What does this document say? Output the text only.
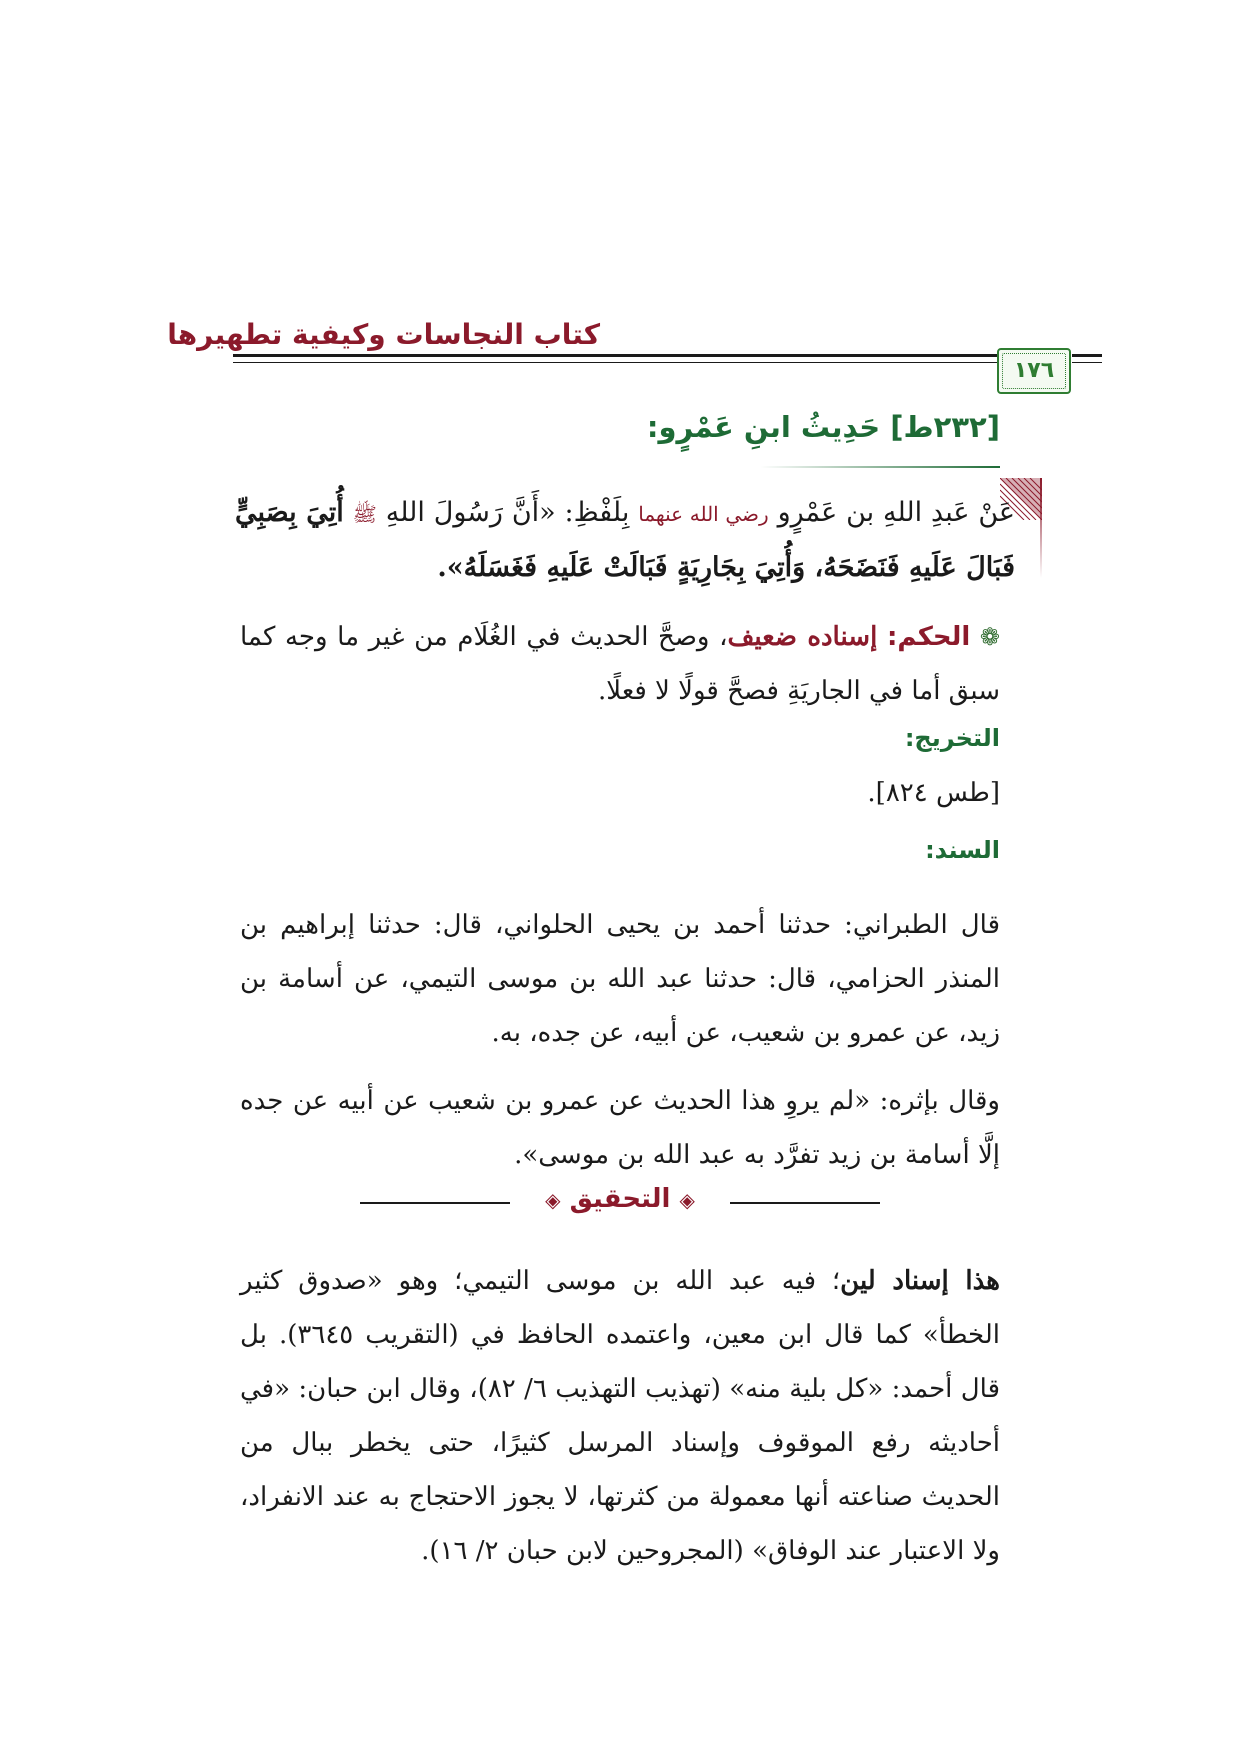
كتاب النجاسات وكيفية تطهيرها
١٧٦
[٢٣٢ط] حَدِيثُ ابنِ عَمْرٍو:
عَنْ عَبدِ اللهِ بن عَمْرٍو رضي الله عنهما بِلَفْظِ: «أَنَّ رَسُولَ اللهِ ﷺ أُتِيَ بِصَبِيٍّ فَبَالَ عَلَيهِ فَنَضَحَهُ، وَأُتِيَ بِجَارِيَةٍ فَبَالَتْ عَلَيهِ فَغَسَلَهُ».
❁ الحكم: إسناده ضعيف، وصحَّ الحديث في الغُلَام من غير ما وجه كما سبق أما في الجاريَةِ فصحَّ قولًا لا فعلًا.
التخريج:
[طس ٨٢٤].
السند:
قال الطبراني: حدثنا أحمد بن يحيى الحلواني، قال: حدثنا إبراهيم بن المنذر الحزامي، قال: حدثنا عبد الله بن موسى التيمي، عن أسامة بن زيد، عن عمرو بن شعيب، عن أبيه، عن جده، به.
وقال بإثره: «لم يروِ هذا الحديث عن عمرو بن شعيب عن أبيه عن جده إلَّا أسامة بن زيد تفرَّد به عبد الله بن موسى».
◈ التحقيق ◈
هذا إسناد لين؛ فيه عبد الله بن موسى التيمي؛ وهو «صدوق كثير الخطأ» كما قال ابن معين، واعتمده الحافظ في (التقريب ٣٦٤٥). بل قال أحمد: «كل بلية منه» (تهذيب التهذيب ٦/ ٨٢)، وقال ابن حبان: «في أحاديثه رفع الموقوف وإسناد المرسل كثيرًا، حتى يخطر ببال من الحديث صناعته أنها معمولة من كثرتها، لا يجوز الاحتجاج به عند الانفراد، ولا الاعتبار عند الوفاق» (المجروحين لابن حبان ٢/ ١٦).
